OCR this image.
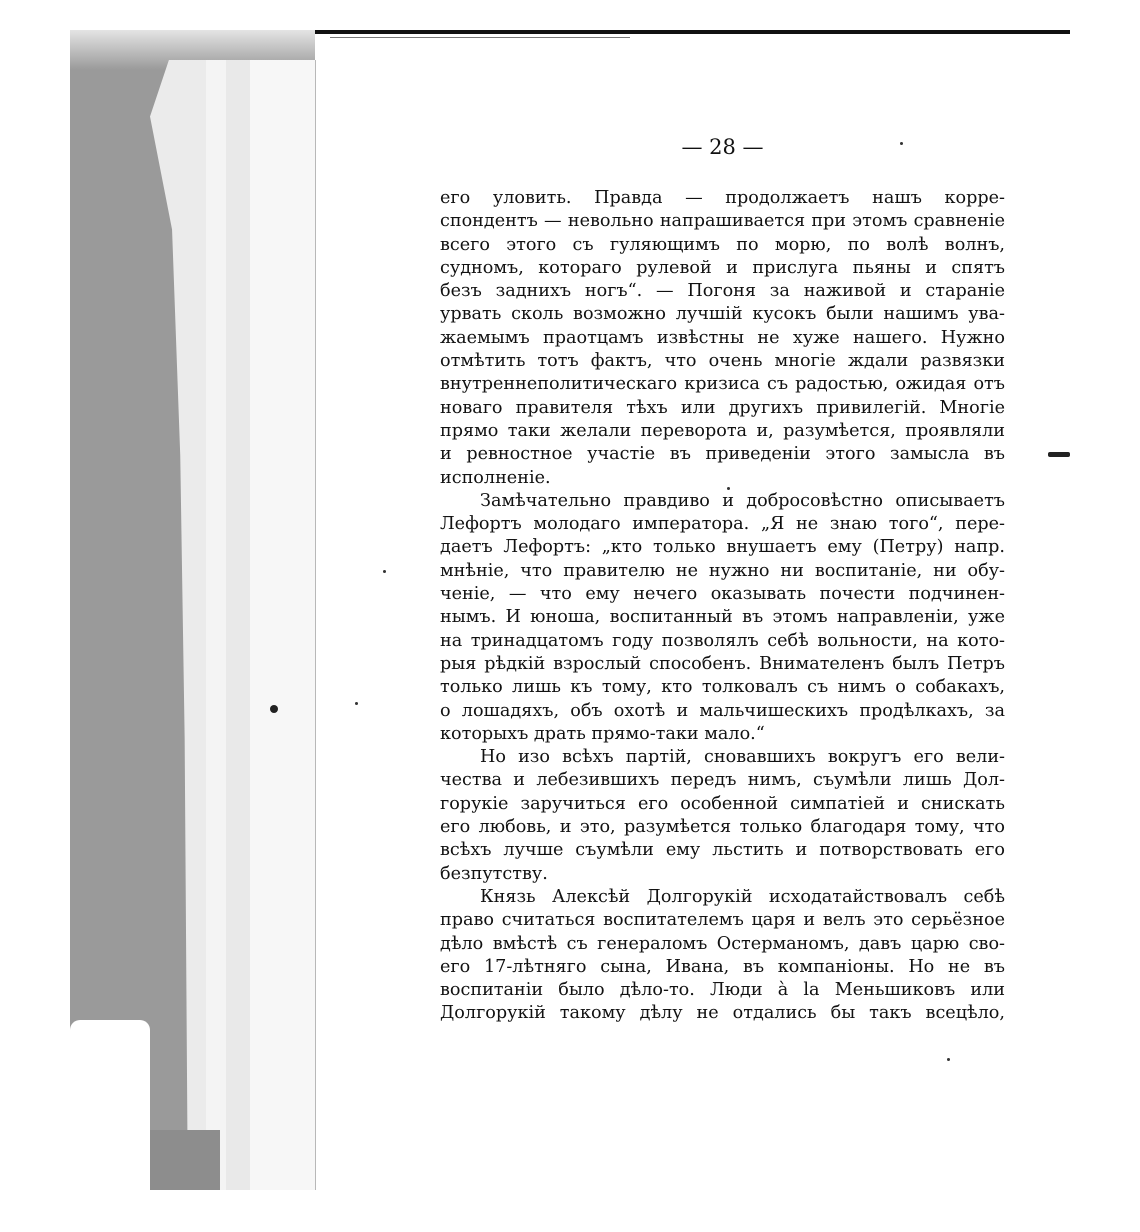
— 28 —
его уловить. Правда — продолжаетъ нашъ корре-
спондентъ — невольно напрашивается при этомъ сравненіе
всего этого съ гуляющимъ по морю, по волѣ волнъ,
судномъ, котораго рулевой и прислуга пьяны и спятъ
безъ заднихъ ногъ“. — Погоня за наживой и стараніе
урвать сколь возможно лучшій кусокъ были нашимъ ува-
жаемымъ праотцамъ извѣстны не хуже нашего. Нужно
отмѣтить тотъ фактъ, что очень многіе ждали развязки
внутреннеполитическаго кризиса съ радостью, ожидая отъ
новаго правителя тѣхъ или другихъ привилегій. Многіе
прямо таки желали переворота и, разумѣется, проявляли
и ревностное участіе въ приведеніи этого замысла въ
исполненіе.
Замѣчательно правдиво и добросовѣстно описываетъ
Лефортъ молодаго императора. „Я не знаю того“, пере-
даетъ Лефортъ: „кто только внушаетъ ему (Петру) напр.
мнѣніе, что правителю не нужно ни воспитаніе, ни обу-
ченіе, — что ему нечего оказывать почести подчинен-
нымъ. И юноша, воспитанный въ этомъ направленіи, уже
на тринадцатомъ году позволялъ себѣ вольности, на кото-
рыя рѣдкій взрослый способенъ. Внимателенъ былъ Петръ
только лишь къ тому, кто толковалъ съ нимъ о собакахъ,
о лошадяхъ, объ охотѣ и мальчишескихъ продѣлкахъ, за
которыхъ драть прямо-таки мало.“
Но изо всѣхъ партій, сновавшихъ вокругъ его вели-
чества и лебезившихъ передъ нимъ, съумѣли лишь Дол-
горукіе заручиться его особенной симпатіей и снискать
его любовь, и это, разумѣется только благодаря тому, что
всѣхъ лучше съумѣли ему льстить и потворствовать его
безпутству.
Князь Алексѣй Долгорукій исходатайствовалъ себѣ
право считаться воспитателемъ царя и велъ это серьёзное
дѣло вмѣстѣ съ генераломъ Остерманомъ, давъ царю сво-
его 17-лѣтняго сына, Ивана, въ компаніоны. Но не въ
воспитаніи было дѣло-то. Люди à la Меньшиковъ или
Долгорукій такому дѣлу не отдались бы такъ всецѣло,
